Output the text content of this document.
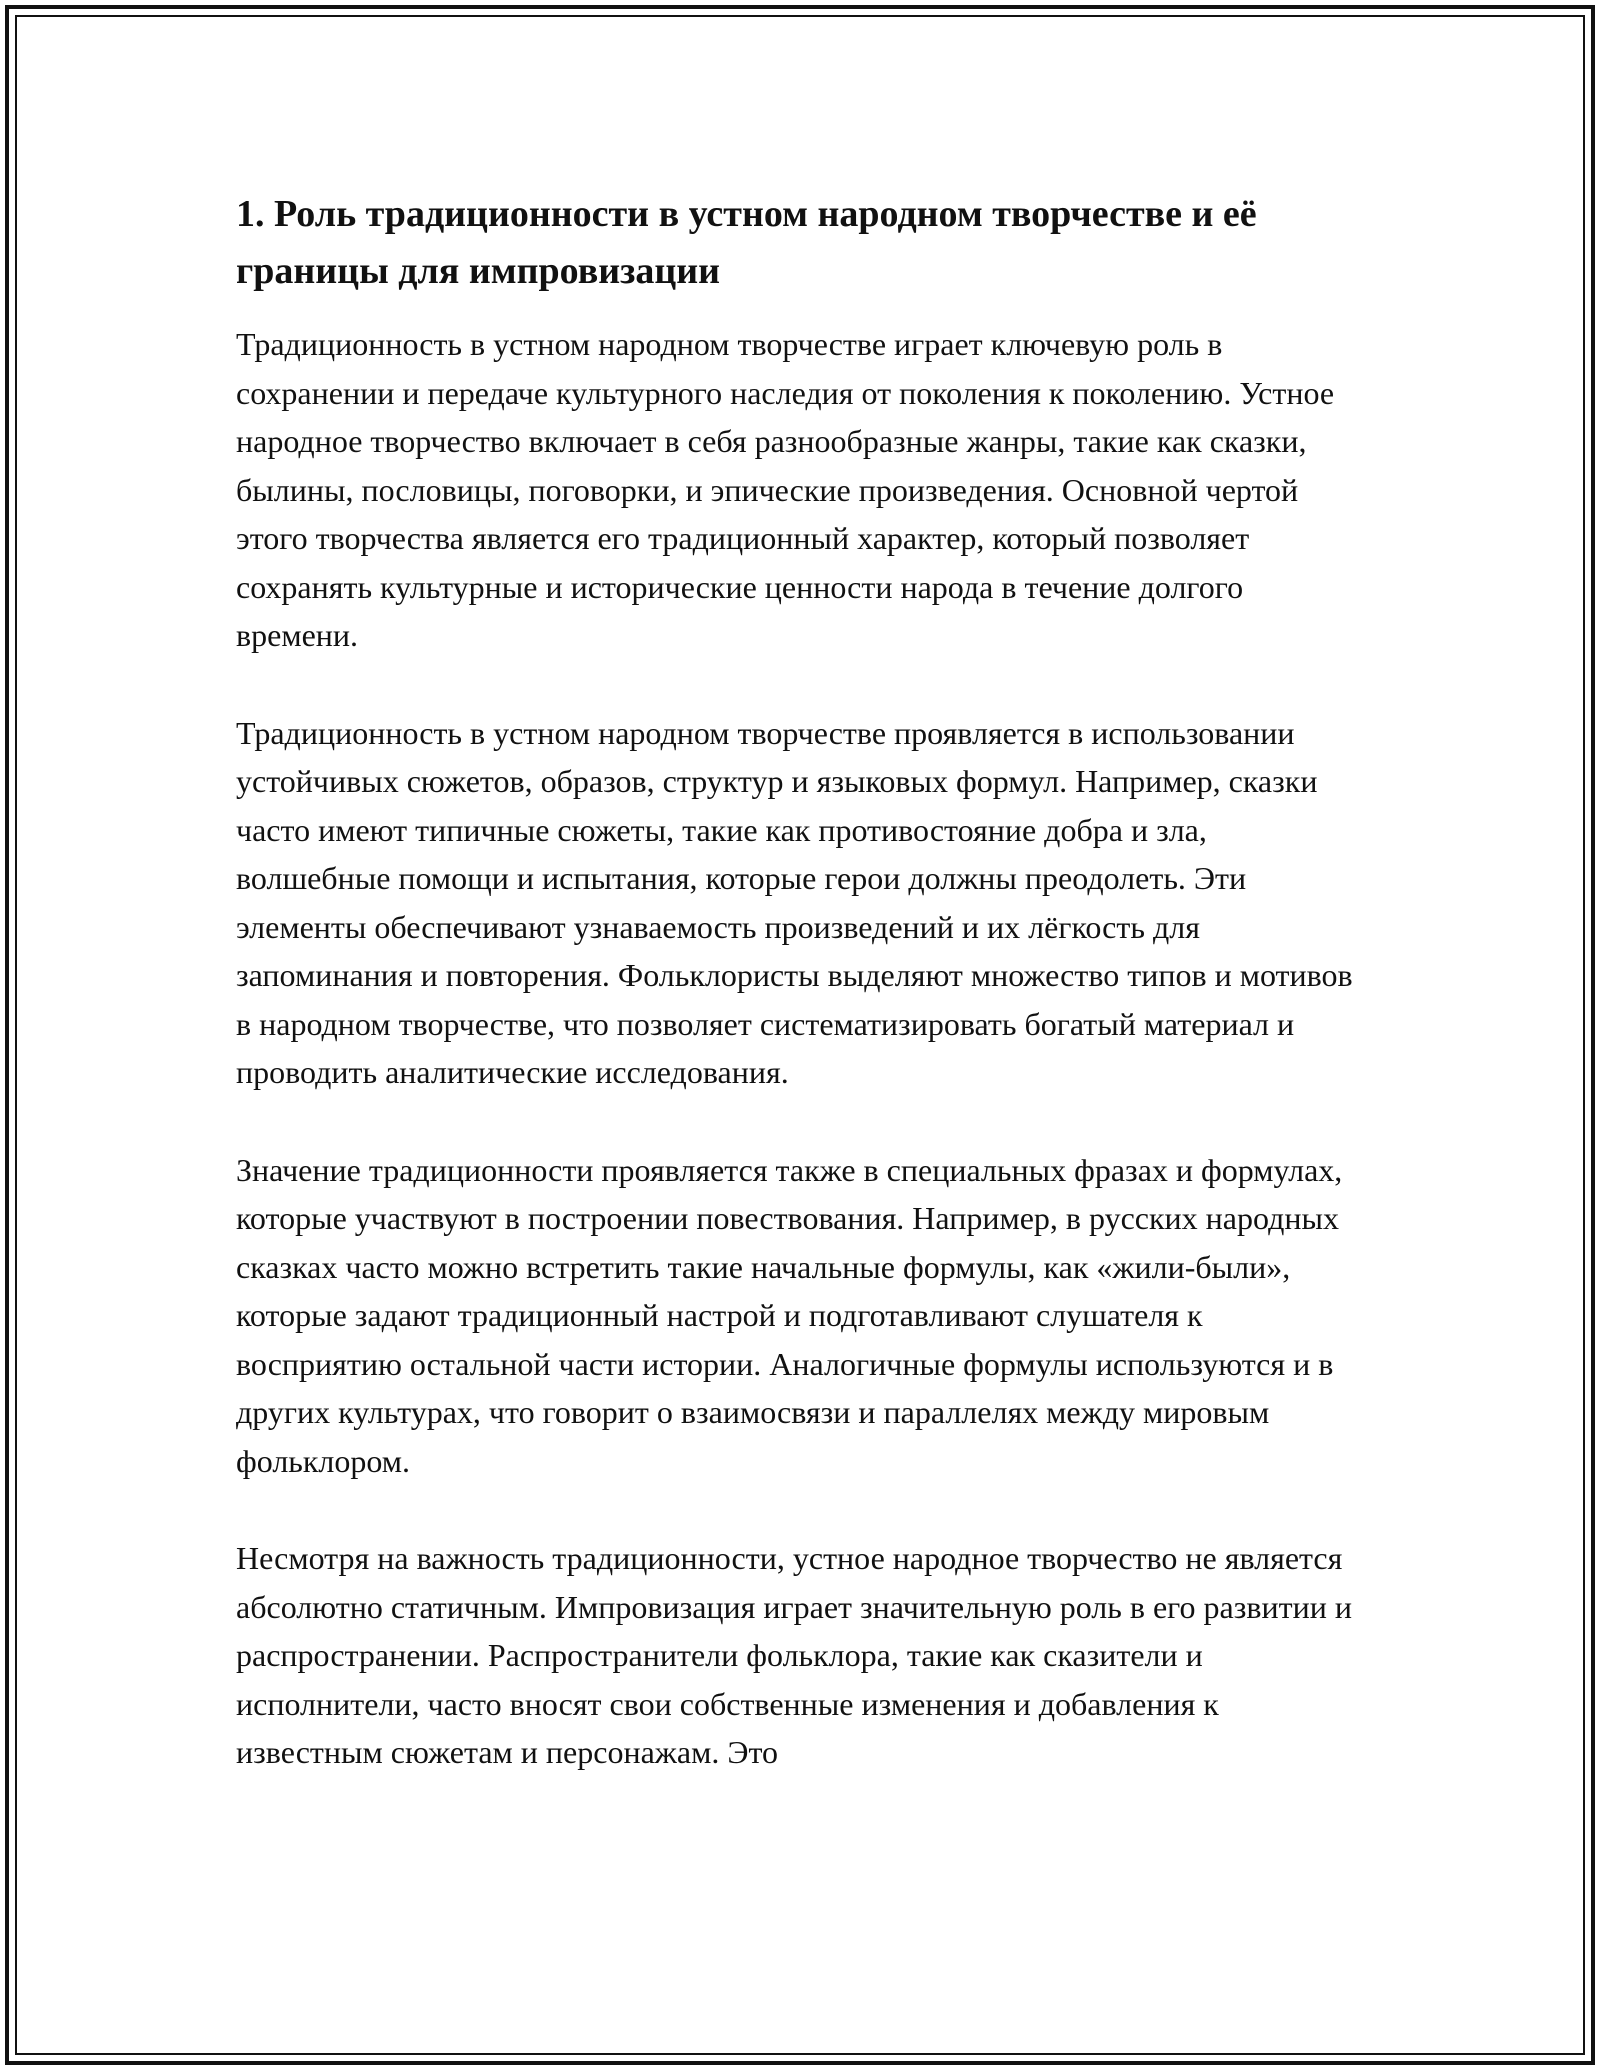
1. Роль традиционности в устном народном творчестве и её границы для импровизации

Традиционность в устном народном творчестве играет ключевую роль в сохранении и передаче культурного наследия от поколения к поколению. Устное народное творчество включает в себя разнообразные жанры, такие как сказки, былины, пословицы, поговорки, и эпические произведения. Основной чертой этого творчества является его традиционный характер, который позволяет сохранять культурные и исторические ценности народа в течение долгого времени.

Традиционность в устном народном творчестве проявляется в использовании устойчивых сюжетов, образов, структур и языковых формул. Например, сказки часто имеют типичные сюжеты, такие как противостояние добра и зла, волшебные помощи и испытания, которые герои должны преодолеть. Эти элементы обеспечивают узнаваемость произведений и их лёгкость для запоминания и повторения. Фольклористы выделяют множество типов и мотивов в народном творчестве, что позволяет систематизировать богатый материал и проводить аналитические исследования.

Значение традиционности проявляется также в специальных фразах и формулах, которые участвуют в построении повествования. Например, в русских народных сказках часто можно встретить такие начальные формулы, как «жили-были», которые задают традиционный настрой и подготавливают слушателя к восприятию остальной части истории. Аналогичные формулы используются и в других культурах, что говорит о взаимосвязи и параллелях между мировым фольклором.

Несмотря на важность традиционности, устное народное творчество не является абсолютно статичным. Импровизация играет значительную роль в его развитии и распространении. Распространители фольклора, такие как сказители и исполнители, часто вносят свои собственные изменения и добавления к известным сюжетам и персонажам. Это
